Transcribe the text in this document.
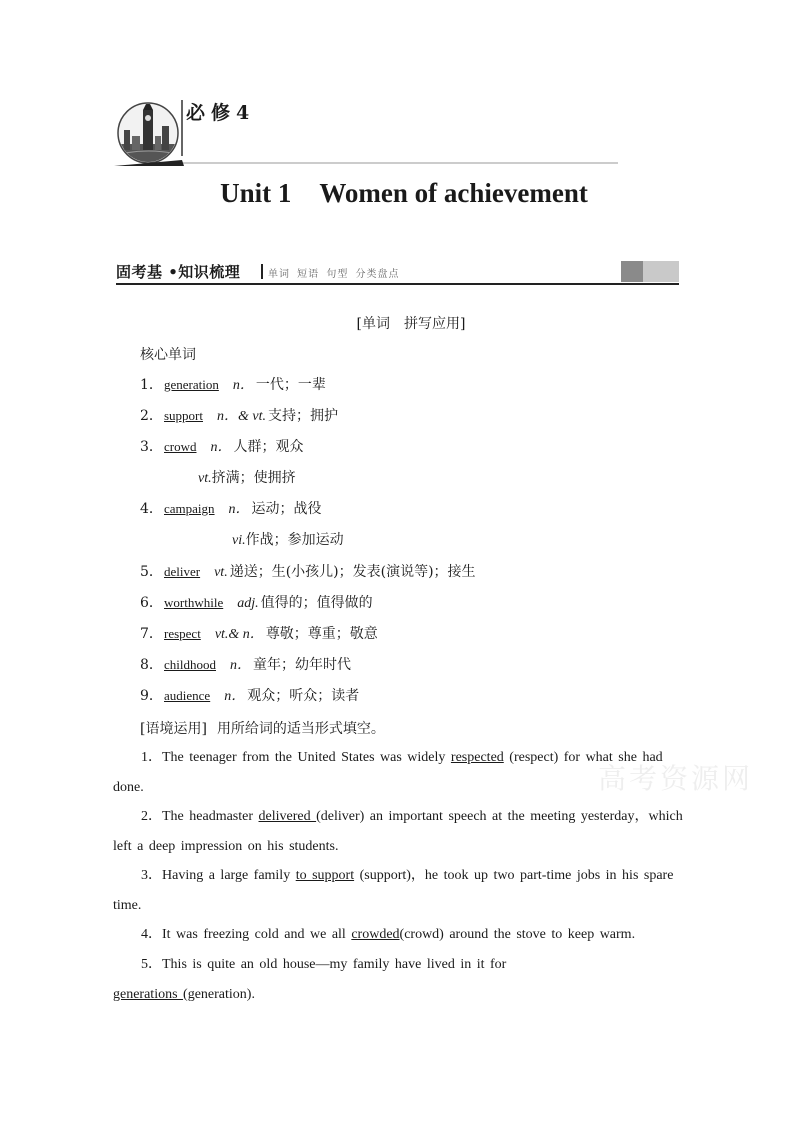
必修4
Unit 1 Women of achievement
固考基 •知识梳理	单词 短语 句型 分类盘点
[单词　拼写应用]
核心单词
1．generation n． 一代；一辈
2．support n．& vt. 支持；拥护
3．crowd n． 人群；观众
vt.挤满；使拥挤
4．campaign n． 运动；战役
vi.作战；参加运动
5．deliver vt. 递送；生(小孩儿)；发表(演说等)；接生
6．worthwhile adj. 值得的；值得做的
7．respect vt.& n． 尊敬；尊重；敬意
8．childhood n． 童年；幼年时代
9．audience n． 观众；听众；读者
[语境运用] 用所给词的适当形式填空。
1．The teenager from the United States was widely respected (respect) for what she had done.
2．The headmaster delivered (deliver) an important speech at the meeting yesterday，which left a deep impression on his students.
3．Having a large family to support (support)，he took up two part-time jobs in his spare time.
4．It was freezing cold and we all crowded(crowd) around the stove to keep warm.
5．This is quite an old house—my family have lived in it for generations (generation).
高考资源网
